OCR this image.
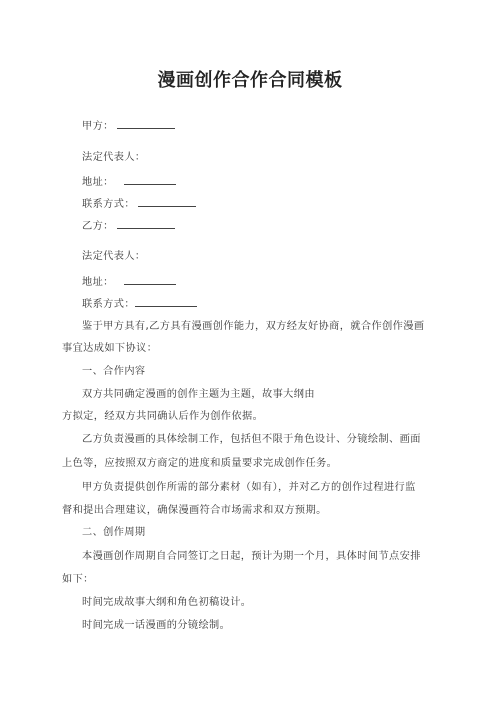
漫画创作合作合同模板
甲方：
法定代表人：
地址：
联系方式：
乙方：
法定代表人：
地址：
联系方式：
鉴于甲方具有,乙方具有漫画创作能力，双方经友好协商，就合作创作漫画
事宜达成如下协议：
一、合作内容
双方共同确定漫画的创作主题为主题，故事大纲由
方拟定，经双方共同确认后作为创作依据。
乙方负责漫画的具体绘制工作，包括但不限于角色设计、分镜绘制、画面
上色等，应按照双方商定的进度和质量要求完成创作任务。
甲方负责提供创作所需的部分素材（如有），并对乙方的创作过程进行监
督和提出合理建议，确保漫画符合市场需求和双方预期。
二、创作周期
本漫画创作周期自合同签订之日起，预计为期一个月，具体时间节点安排
如下：
时间完成故事大纲和角色初稿设计。
时间完成一话漫画的分镜绘制。
